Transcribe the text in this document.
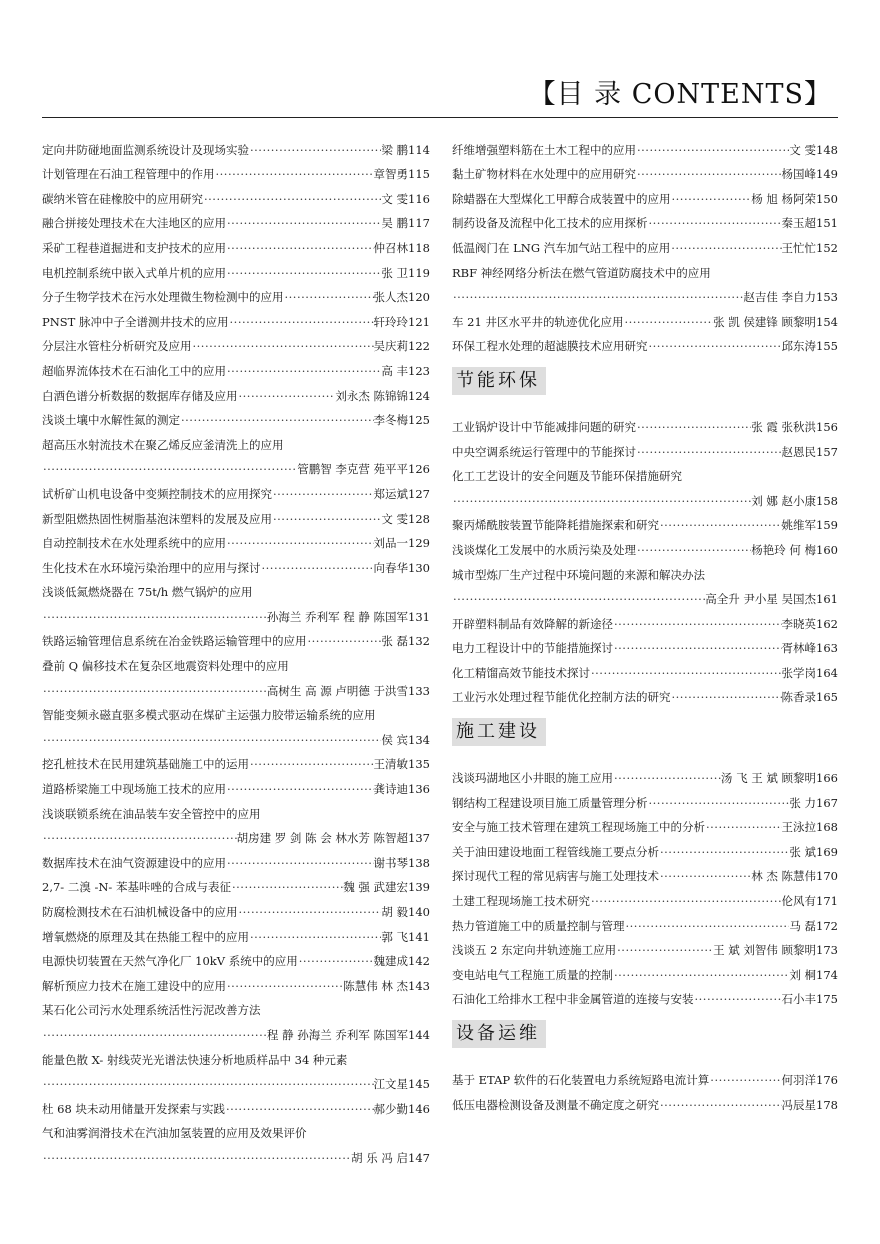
【目 录 CONTENTS】
定向井防碰地面监测系统设计及现场实验 ·····	梁 鹏 114
计划管理在石油工程管理中的作用 ·····	章智勇 115
碳纳米管在硅橡胶中的应用研究 ·····	文 雯 116
融合拼接处理技术在大洼地区的应用 ·····	吴 鹏 117
采矿工程巷道掘进和支护技术的应用 ·····	仲召林 118
电机控制系统中嵌入式单片机的应用 ·····	张 卫 119
分子生物学技术在污水处理微生物检测中的应用 ·····	张人杰 120
PNST 脉冲中子全谱测井技术的应用 ·····	轩玲玲 121
分层注水管柱分析研究及应用 ·····	吴庆莉 122
超临界流体技术在石油化工中的应用 ·····	高 丰 123
白酒色谱分析数据的数据库存储及应用 ·····	刘永杰 陈锦锦 124
浅谈土壤中水解性氮的测定 ·····	李冬梅 125
超高压水射流技术在聚乙烯反应釜清洗上的应用
·····
管鹏智 李克营 苑平平 126
试析矿山机电设备中变频控制技术的应用探究 ·····	郑运斌 127
新型阻燃热固性树脂基泡沫塑料的发展及应用 ·····	文 雯 128
自动控制技术在水处理系统中的应用 ·····	刘品一 129
生化技术在水环境污染治理中的应用与探讨 ·····	向春华 130
浅谈低氮燃烧器在 75t/h 燃气锅炉的应用
·····
孙海兰 乔利军 程 静 陈国军 131
铁路运输管理信息系统在冶金铁路运输管理中的应用 ·····	张 磊 132
叠前 Q 偏移技术在复杂区地震资料处理中的应用
·····
高树生 高 源 卢明德 于洪雪 133
智能变频永磁直驱多模式驱动在煤矿主运强力胶带运输系统的应用
·····
侯 宾 134
挖孔桩技术在民用建筑基础施工中的运用 ·····	王清敏 135
道路桥梁施工中现场施工技术的应用 ·····	龚诗迪 136
浅谈联锁系统在油品装车安全管控中的应用
·····
胡房建 罗 剑 陈 会 林水芳 陈智超 137
数据库技术在油气资源建设中的应用 ·····	谢书琴 138
2,7- 二溴 -N- 苯基咔唑的合成与表征 ·····	魏 强 武建宏 139
防腐检测技术在石油机械设备中的应用 ·····	胡 毅 140
增氧燃烧的原理及其在热能工程中的应用 ·····	郭 飞 141
电源快切装置在天然气净化厂 10kV 系统中的应用 ·····	魏建成 142
解析预应力技术在施工建设中的应用 ·····	陈慧伟 林 杰 143
某石化公司污水处理系统活性污泥改善方法
·····
程 静 孙海兰 乔利军 陈国军 144
能量色散 X- 射线荧光光谱法快速分析地质样品中 34 种元素
·····
江文星 145
杜 68 块未动用储量开发探索与实践 ·····	郝少勤 146
气和油雾润滑技术在汽油加氢装置的应用及效果评价
·····
胡 乐 冯 启 147
纤维增强塑料筋在土木工程中的应用 ·····	文 雯 148
黏土矿物材料在水处理中的应用研究 ·····	杨国峰 149
除蜡器在大型煤化工甲醇合成装置中的应用 ·····	杨 旭 杨阿荣 150
制药设备及流程中化工技术的应用探析 ·····	秦玉超 151
低温阀门在 LNG 汽车加气站工程中的应用 ·····	王忙忙 152
RBF 神经网络分析法在燃气管道防腐技术中的应用
·····
赵吉佳 李自力 153
车 21 井区水平井的轨迹优化应用 ·····	张 凯 侯建锋 顾黎明 154
环保工程水处理的超滤膜技术应用研究 ·····	邱东涛 155
节能环保
工业锅炉设计中节能减排问题的研究 ·····	张 霞 张秋洪 156
中央空调系统运行管理中的节能探讨 ·····	赵恩民 157
化工工艺设计的安全问题及节能环保措施研究
·····
刘 娜 赵小康 158
聚丙烯酰胺装置节能降耗措施探索和研究 ·····	姚维军 159
浅谈煤化工发展中的水质污染及处理 ·····	杨艳玲 何 梅 160
城市型炼厂生产过程中环境问题的来源和解决办法
·····
高全升 尹小星 吴国杰 161
开辟塑料制品有效降解的新途径 ·····	李晓英 162
电力工程设计中的节能措施探讨 ·····	胥林峰 163
化工精馏高效节能技术探讨 ·····	张学岗 164
工业污水处理过程节能优化控制方法的研究 ·····	陈香录 165
施工建设
浅谈玛湖地区小井眼的施工应用 ·····	汤 飞 王 斌 顾黎明 166
钢结构工程建设项目施工质量管理分析 ·····	张 力 167
安全与施工技术管理在建筑工程现场施工中的分析 ·····	王泳拉 168
关于油田建设地面工程管线施工要点分析 ·····	张 斌 169
探讨现代工程的常见病害与施工处理技术 ·····	林 杰 陈慧伟 170
土建工程现场施工技术研究 ·····	伦风有 171
热力管道施工中的质量控制与管理 ·····	马 磊 172
浅谈五 2 东定向井轨迹施工应用 ·····	王 斌 刘智伟 顾黎明 173
变电站电气工程施工质量的控制 ·····	刘 桐 174
石油化工给排水工程中非金属管道的连接与安装 ·····	石小丰 175
设备运维
基于 ETAP 软件的石化装置电力系统短路电流计算 ·····	何羽洋 176
低压电器检测设备及测量不确定度之研究 ·····	冯辰星 178
